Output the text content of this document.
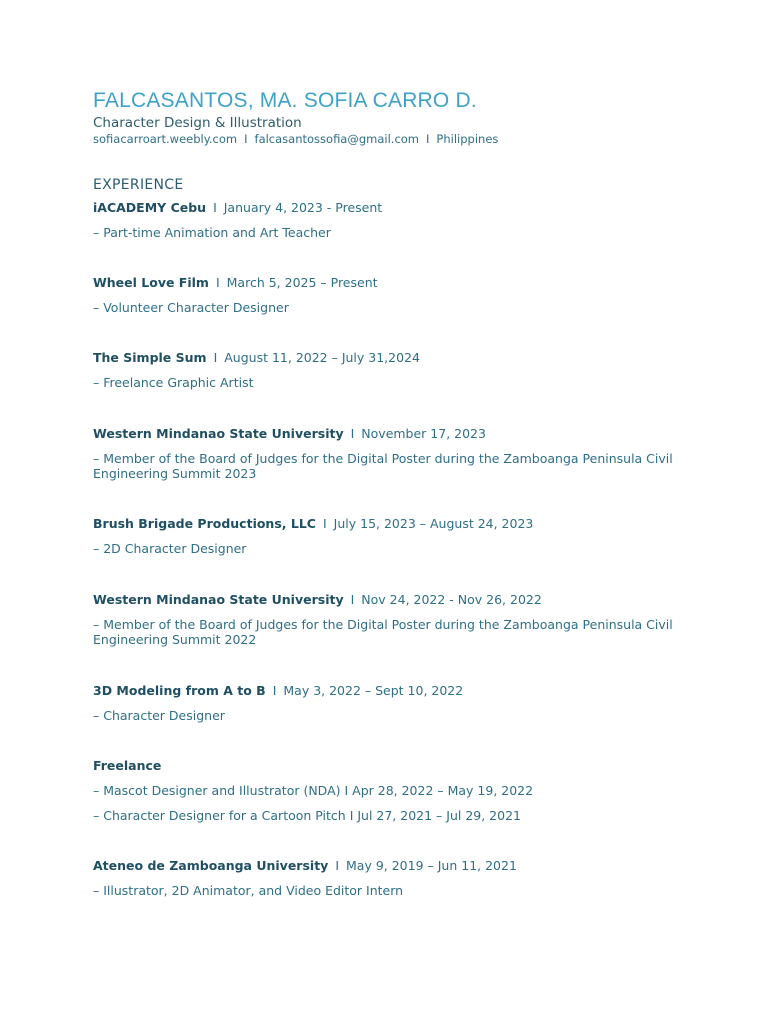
FALCASANTOS, MA. SOFIA CARRO D.
Character Design & Illustration
sofiacarroart.weebly.com I falcasantossofia@gmail.com I Philippines
EXPERIENCE
iACADEMY Cebu I January 4, 2023 - Present
– Part-time Animation and Art Teacher
Wheel Love Film I March 5, 2025 – Present
– Volunteer Character Designer
The Simple Sum I August 11, 2022 – July 31,2024
– Freelance Graphic Artist
Western Mindanao State University I November 17, 2023
– Member of the Board of Judges for the Digital Poster during the Zamboanga Peninsula Civil
Engineering Summit 2023
Brush Brigade Productions, LLC I July 15, 2023 – August 24, 2023
– 2D Character Designer
Western Mindanao State University I Nov 24, 2022 - Nov 26, 2022
– Member of the Board of Judges for the Digital Poster during the Zamboanga Peninsula Civil
Engineering Summit 2022
3D Modeling from A to B I May 3, 2022 – Sept 10, 2022
– Character Designer
Freelance
– Mascot Designer and Illustrator (NDA) I Apr 28, 2022 – May 19, 2022
– Character Designer for a Cartoon Pitch I Jul 27, 2021 – Jul 29, 2021
Ateneo de Zamboanga University I May 9, 2019 – Jun 11, 2021
– Illustrator, 2D Animator, and Video Editor Intern
